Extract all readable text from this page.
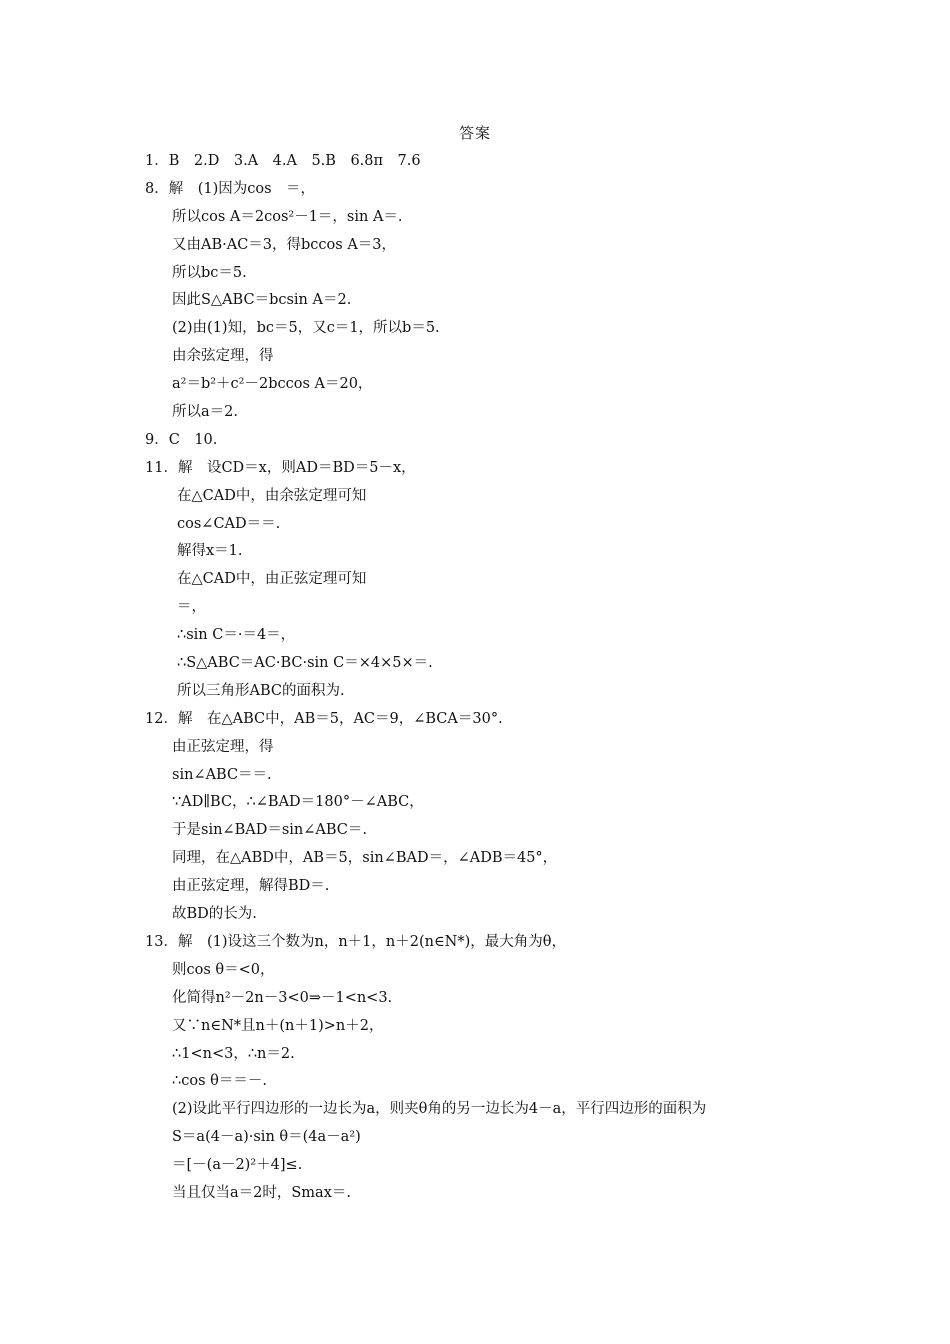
答案
1．B　2.D　3.A　4.A　5.B　6.8π　7.6
8．解　(1)因为cos　＝，
所以cos A＝2cos²－1＝，sin A＝.
又由AB·AC＝3，得bccos A＝3，
所以bc＝5.
因此S△ABC＝bcsin A＝2.
(2)由(1)知，bc＝5，又c＝1，所以b＝5.
由余弦定理，得
a²＝b²＋c²－2bccos A＝20，
所以a＝2.
9．C　10.
11．解　设CD＝x，则AD＝BD＝5－x，
在△CAD中，由余弦定理可知
cos∠CAD＝＝.
解得x＝1.
在△CAD中，由正弦定理可知
＝，
∴sin C＝·＝4＝，
∴S△ABC＝AC·BC·sin C＝×4×5×＝.
所以三角形ABC的面积为.
12．解　在△ABC中，AB＝5，AC＝9，∠BCA＝30°.
由正弦定理，得
sin∠ABC＝＝.
∵AD∥BC，∴∠BAD＝180°－∠ABC，
于是sin∠BAD＝sin∠ABC＝.
同理，在△ABD中，AB＝5，sin∠BAD＝，∠ADB＝45°，
由正弦定理，解得BD＝.
故BD的长为.
13．解　(1)设这三个数为n，n＋1，n＋2(n∈N*)，最大角为θ，
则cos θ＝<0，
化简得n²－2n－3<0⇒－1<n<3.
又∵n∈N*且n＋(n＋1)>n＋2，
∴1<n<3，∴n＝2.
∴cos θ＝＝－.
(2)设此平行四边形的一边长为a，则夹θ角的另一边长为4－a，平行四边形的面积为
S＝a(4－a)·sin θ＝(4a－a²)
＝[－(a－2)²＋4]≤.
当且仅当a＝2时，Smax＝.
